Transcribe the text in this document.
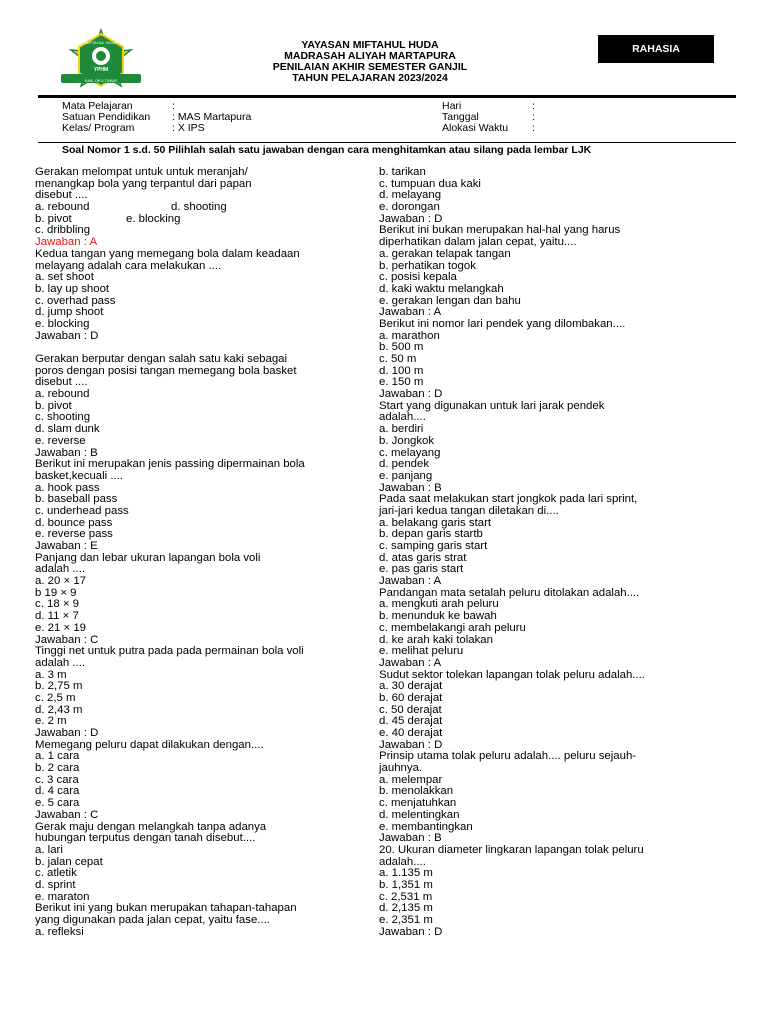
MIFTAHUL HUDA
YPHM
KAB. OKU TIMUR
YAYASAN MIFTAHUL HUDA
MADRASAH ALIYAH MARTAPURA
PENILAIAN AKHIR SEMESTER GANJIL
TAHUN PELAJARAN 2023/2024
RAHASIA
Mata Pelajaran	:
Satuan Pendidikan : MAS Martapura
Kelas/ Program	: X IPS
Hari	:
Tanggal	:
Alokasi Waktu :
Soal Nomor 1 s.d. 50 Pilihlah salah satu jawaban dengan cara menghitamkan atau silang pada lembar LJK
Gerakan melompat untuk untuk meranjah/
menangkap bola yang terpantul dari papan
disebut ....
a. rebound	d. shooting
b. pivot	e. blocking
c. dribbling
Jawaban : A
Kedua tangan yang memegang bola dalam keadaan
melayang adalah cara melakukan ....
a. set shoot
b. lay up shoot
c. overhad pass
d. jump shoot
e. blocking
Jawaban : D
Gerakan berputar dengan salah satu kaki sebagai
poros dengan posisi tangan memegang bola basket
disebut ....
a. rebound
b. pivot
c. shooting
d. slam dunk
e. reverse
Jawaban : B
Berikut ini merupakan jenis passing dipermainan bola
basket,kecuali ....
a. hook pass
b. baseball pass
c. underhead pass
d. bounce pass
e. reverse pass
Jawaban : E
Panjang dan lebar ukuran lapangan bola voli
adalah ....
a. 20 × 17
b 19 × 9
c. 18 × 9
d. 11 × 7
e. 21 × 19
Jawaban : C
Tinggi net untuk putra pada pada permainan bola voli
adalah ....
a. 3 m
b. 2,75 m
c. 2,5 m
d. 2,43 m
e. 2 m
Jawaban : D
Memegang peluru dapat dilakukan dengan....
a. 1 cara
b. 2 cara
c. 3 cara
d. 4 cara
e. 5 cara
Jawaban : C
Gerak maju dengan melangkah tanpa adanya
hubungan terputus dengan tanah disebut....
a. lari
b. jalan cepat
c. atletik
d. sprint
e. maraton
Berikut ini yang bukan merupakan tahapan-tahapan
yang digunakan pada jalan cepat, yaitu fase....
a. refleksi
b. tarikan
c. tumpuan dua kaki
d. melayang
e. dorongan
Jawaban : D
Berikut ini bukan merupakan hal-hal yang harus
diperhatikan dalam jalan cepat, yaitu....
a. gerakan telapak tangan
b. perhatikan togok
c. posisi kepala
d. kaki waktu melangkah
e. gerakan lengan dan bahu
Jawaban : A
Berikut ini nomor lari pendek yang dilombakan....
a. marathon
b. 500 m
c. 50 m
d. 100 m
e. 150 m
Jawaban : D
Start yang digunakan untuk lari jarak pendek
adalah....
a. berdiri
b. Jongkok
c. melayang
d. pendek
e. panjang
Jawaban : B
Pada saat melakukan start jongkok pada lari sprint,
jari-jari kedua tangan diletakan di....
a. belakang garis start
b. depan garis startb
c. samping garis start
d. atas garis strat
e. pas garis start
Jawaban : A
Pandangan mata setalah peluru ditolakan adalah....
a. mengkuti arah peluru
b. menunduk ke bawah
c. membelakangi arah peluru
d. ke arah kaki tolakan
e. melihat peluru
Jawaban : A
Sudut sektor tolekan lapangan tolak peluru adalah....
a. 30 derajat
b. 60 derajat
c. 50 derajat
d. 45 derajat
e. 40 derajat
Jawaban : D
Prinsip utama tolak peluru adalah.... peluru sejauh-
jauhnya.
a. melempar
b. menolakkan
c. menjatuhkan
d. melentingkan
e. membantingkan
Jawaban : B
20. Ukuran diameter lingkaran lapangan tolak peluru
adalah....
a. 1.135 m
b. 1,351 m
c. 2,531 m
d. 2,135 m
e. 2,351 m
Jawaban : D
